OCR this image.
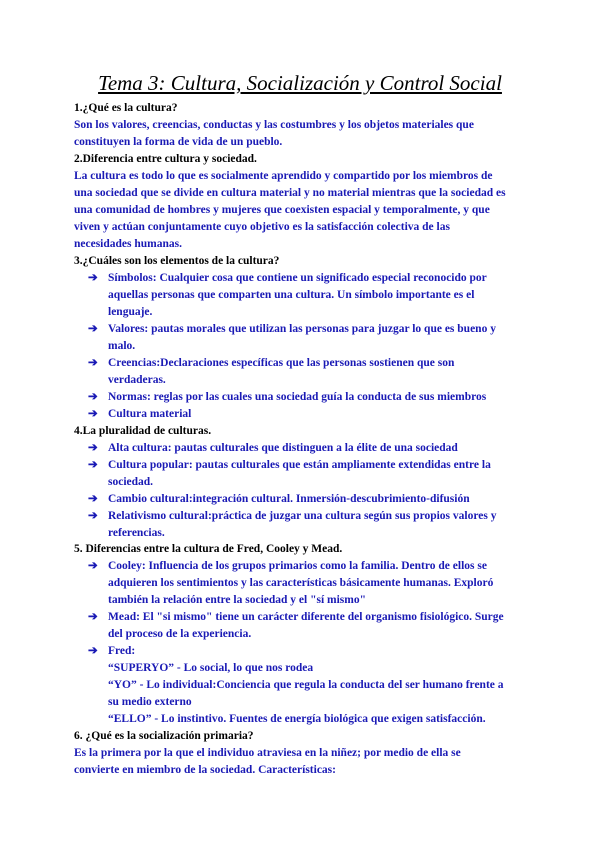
Tema 3: Cultura, Socialización y Control Social
1.¿Qué es la cultura?
Son los valores, creencias, conductas y las costumbres y los objetos materiales que
constituyen la forma de vida de un pueblo.
2.Diferencia entre cultura y sociedad.
La cultura es todo lo que es socialmente aprendido y compartido por los miembros de
una sociedad que se divide en cultura material y no material mientras que la sociedad es
una comunidad de hombres y mujeres que coexisten espacial y temporalmente, y que
viven y actúan conjuntamente cuyo objetivo es la satisfacción colectiva de las
necesidades humanas.
3.¿Cuáles son los elementos de la cultura?
➔ Símbolos: Cualquier cosa que contiene un significado especial reconocido por
aquellas personas que comparten una cultura. Un símbolo importante es el
lenguaje.
➔ Valores: pautas morales que utilizan las personas para juzgar lo que es bueno y
malo.
➔ Creencias:Declaraciones específicas que las personas sostienen que son
verdaderas.
➔ Normas: reglas por las cuales una sociedad guía la conducta de sus miembros
➔ Cultura material
4.La pluralidad de culturas.
➔ Alta cultura: pautas culturales que distinguen a la élite de una sociedad
➔ Cultura popular: pautas culturales que están ampliamente extendidas entre la
sociedad.
➔ Cambio cultural:integración cultural. Inmersión-descubrimiento-difusión
➔ Relativismo cultural:práctica de juzgar una cultura según sus propios valores y
referencias.
5. Diferencias entre la cultura de Fred, Cooley y Mead.
➔ Cooley: Influencia de los grupos primarios como la familia. Dentro de ellos se
adquieren los sentimientos y las características básicamente humanas. Exploró
también la relación entre la sociedad y el "sí mismo"
➔ Mead: El "si mismo" tiene un carácter diferente del organismo fisiológico. Surge
del proceso de la experiencia.
➔ Fred:
“SUPERYO” - Lo social, lo que nos rodea
“YO” - Lo individual:Conciencia que regula la conducta del ser humano frente a
su medio externo
“ELLO” - Lo instintivo. Fuentes de energía biológica que exigen satisfacción.
6. ¿Qué es la socialización primaria?
Es la primera por la que el individuo atraviesa en la niñez; por medio de ella se
convierte en miembro de la sociedad. Características:
